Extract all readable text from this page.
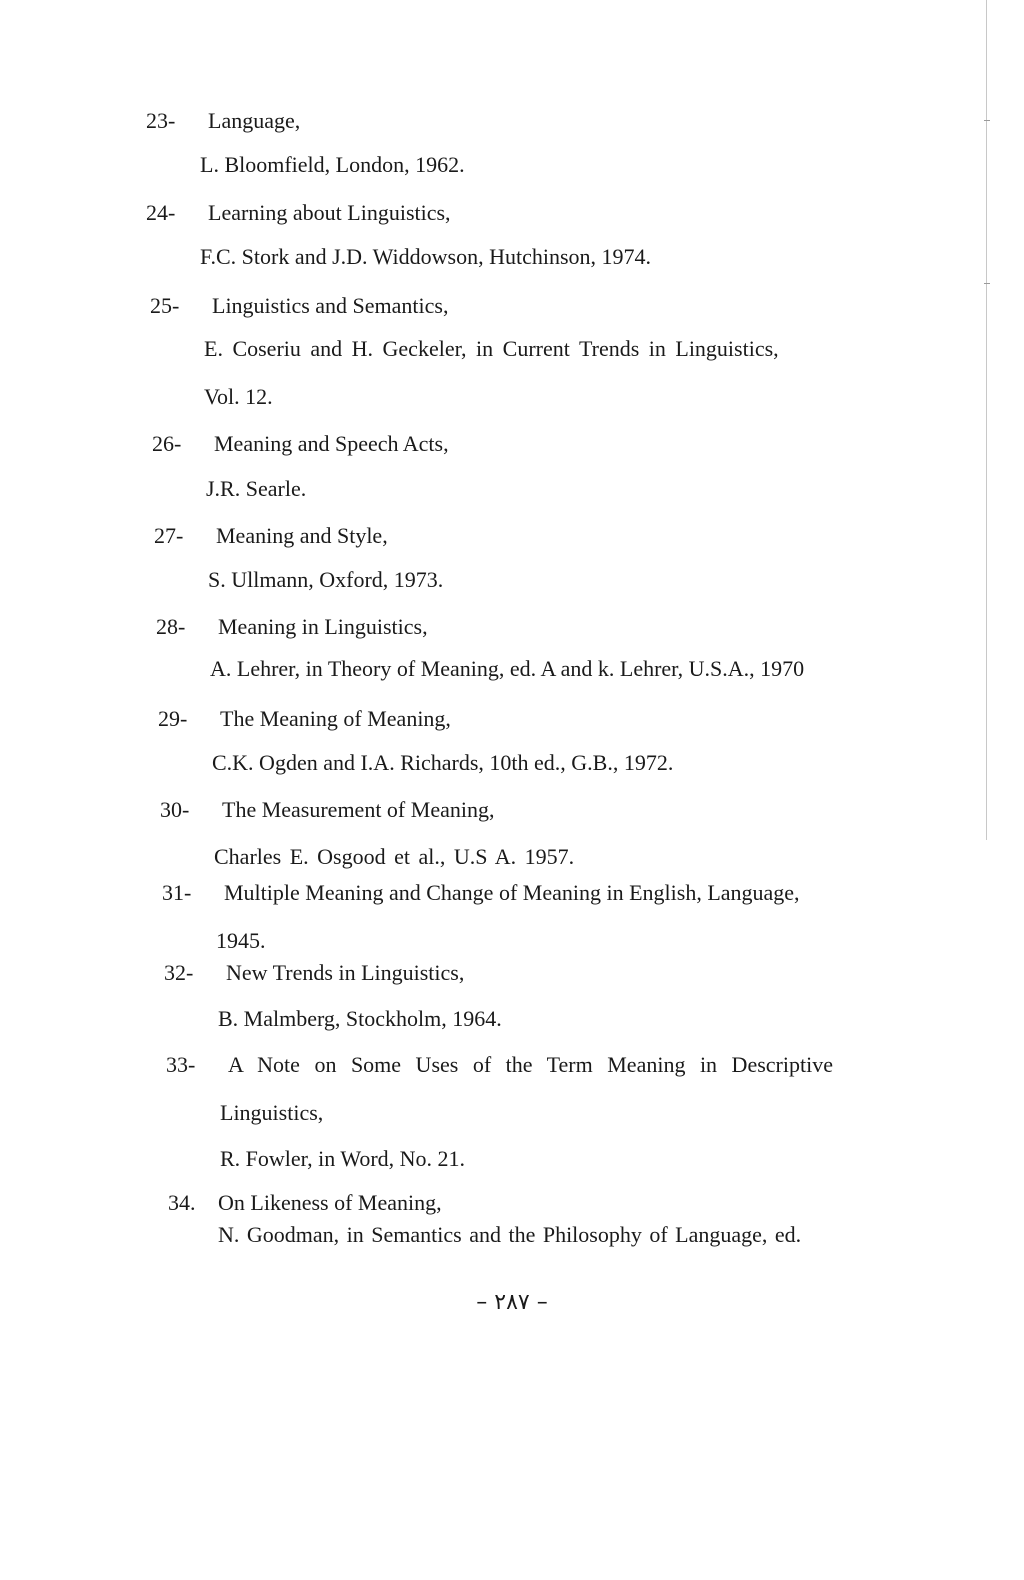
23- Language,
L. Bloomfield, London, 1962.
24- Learning about Linguistics,
F.C. Stork and J.D. Widdowson, Hutchinson, 1974.
25- Linguistics and Semantics,
E. Coseriu and H. Geckeler, in Current Trends in Linguistics,
Vol. 12.
26- Meaning and Speech Acts,
J.R. Searle.
27- Meaning and Style,
S. Ullmann, Oxford, 1973.
28- Meaning in Linguistics,
A. Lehrer, in Theory of Meaning, ed. A and k. Lehrer, U.S.A., 1970
29- The Meaning of Meaning,
C.K. Ogden and I.A. Richards, 10th ed., G.B., 1972.
30- The Measurement of Meaning,
Charles E. Osgood et al., U.S A. 1957.
31- Multiple Meaning and Change of Meaning in English, Language,
1945.
32- New Trends in Linguistics,
B. Malmberg, Stockholm, 1964.
33- A Note on Some Uses of the Term Meaning in Descriptive
Linguistics,
R. Fowler, in Word, No. 21.
34. On Likeness of Meaning,
N. Goodman, in Semantics and the Philosophy of Language, ed.
– ٢٨٧ –
